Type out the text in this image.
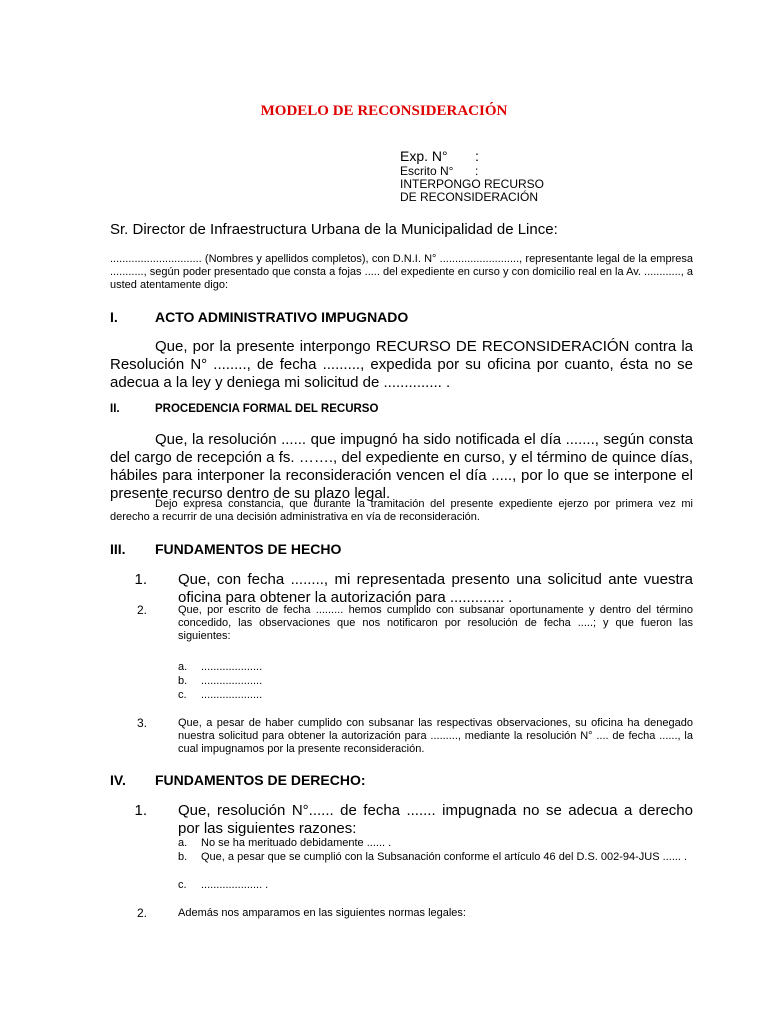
MODELO DE RECONSIDERACIÓN
Exp. N° :
Escrito N° :
INTERPONGO RECURSO
DE RECONSIDERACIÓN
Sr. Director de Infraestructura Urbana de la Municipalidad de Lince:
.............................. (Nombres y apellidos completos), con D.N.I. N° .........................., representante legal de la empresa ..........., según poder presentado que consta a fojas ..... del expediente en curso y con domicilio real en la Av. ............, a usted atentamente digo:
I.	ACTO ADMINISTRATIVO IMPUGNADO
Que, por la presente interpongo RECURSO DE RECONSIDERACIÓN contra la Resolución N° ........, de fecha ........., expedida por su oficina por cuanto, ésta no se adecua a la ley y deniega mi solicitud de .............. .
II.	PROCEDENCIA FORMAL DEL RECURSO
Que, la resolución ...... que impugnó ha sido notificada el día ......., según consta del cargo de recepción a fs. ……., del expediente en curso, y el término de quince días, hábiles para interponer la reconsideración vencen el día ....., por lo que se interpone el presente recurso dentro de su plazo legal.
Dejo expresa constancia, que durante la tramitación del presente expediente ejerzo por primera vez mi derecho a recurrir de una decisión administrativa en vía de reconsideración.
III. FUNDAMENTOS DE HECHO
1. Que, con fecha ........, mi representada presento una solicitud ante vuestra oficina para obtener la autorización para ............. .
2.	Que, por escrito de fecha ......... hemos cumplido con subsanar oportunamente y dentro del término concedido, las observaciones que nos notificaron por resolución de fecha .....; y que fueron las siguientes:
a. ....................
b. ....................
c. ....................
3.	Que, a pesar de haber cumplido con subsanar las respectivas observaciones, su oficina ha denegado nuestra solicitud para obtener la autorización para ........., mediante la resolución N° .... de fecha ......, la cual impugnamos por la presente reconsideración.
IV. FUNDAMENTOS DE DERECHO:
1. Que, resolución N°...... de fecha ....... impugnada no se adecua a derecho por las siguientes razones:
a. No se ha merituado debidamente ...... .
b. Que, a pesar que se cumplió con la Subsanación conforme el artículo 46 del D.S. 002-94-JUS ...... .
c. .................... .
2.	Además nos amparamos en las siguientes normas legales:
